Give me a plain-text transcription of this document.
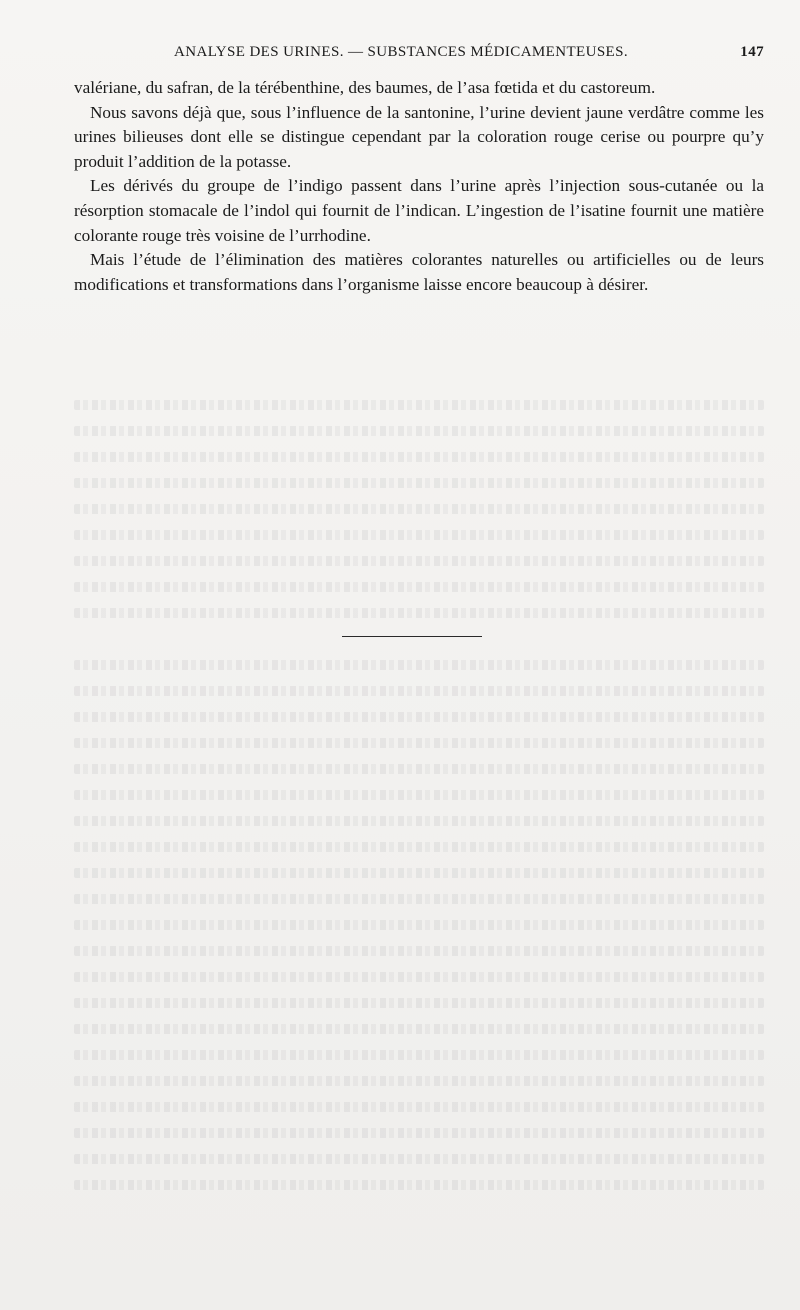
ANALYSE DES URINES. — SUBSTANCES MÉDICAMENTEUSES.	147

valériane, du safran, de la térébenthine, des baumes, de l’asa fœtida et du castoreum.

Nous savons déjà que, sous l’influence de la santonine, l’urine devient jaune verdâtre comme les urines bilieuses dont elle se distingue cependant par la coloration rouge cerise ou pourpre qu’y produit l’addition de la potasse.

Les dérivés du groupe de l’indigo passent dans l’urine après l’injection sous-cutanée ou la résorption stomacale de l’indol qui fournit de l’indican. L’ingestion de l’isatine fournit une matière colorante rouge très voisine de l’urrhodine.

Mais l’étude de l’élimination des matières colorantes naturelles ou artificielles ou de leurs modifications et transformations dans l’organisme laisse encore beaucoup à désirer.
